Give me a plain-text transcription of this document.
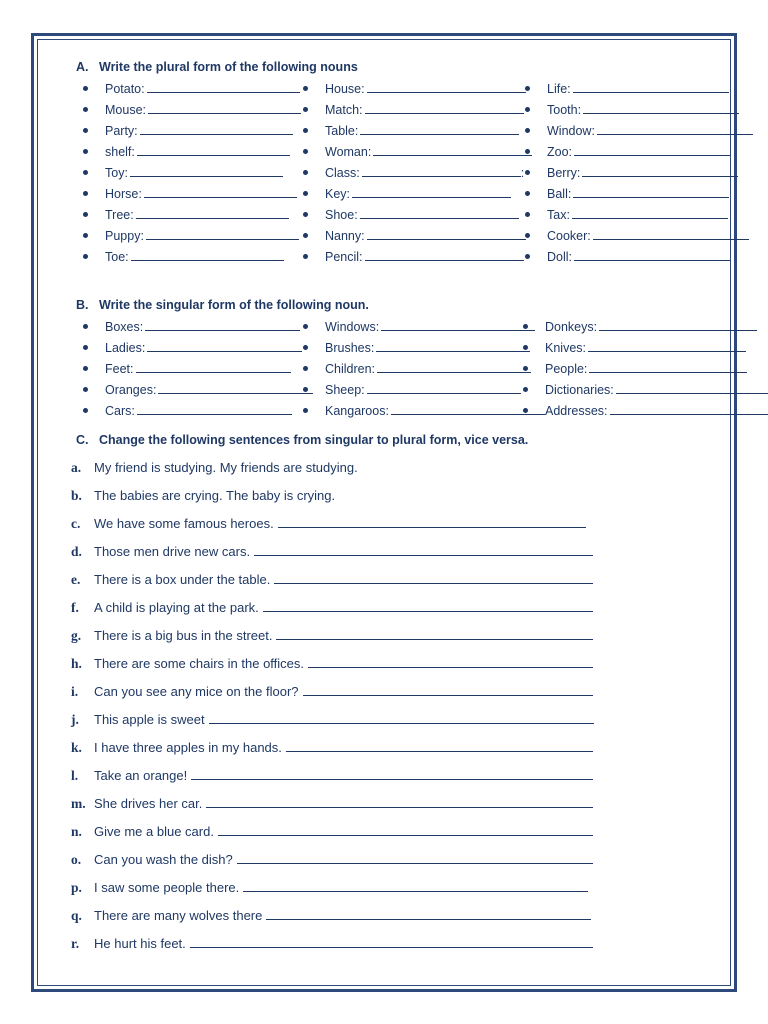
A. Write the plural form of the following nouns
Potato:
Mouse:
Party:
shelf:
Toy:
Horse:
Tree:
Puppy:
Toe:
House:
Match:
Table:
Woman:
Class:	:
Key:
Shoe:
Nanny:
Pencil:
Life:
Tooth:
Window:
Zoo:
Berry:
Ball:
Tax:
Cooker:
Doll:
B. Write the singular form of the following noun.
Boxes:
Ladies:
Feet:
Oranges:
Cars:
Windows:
Brushes:
Children:
Sheep:
Kangaroos:
Donkeys:
Knives:
People:
Dictionaries:
Addresses:
C. Change the following sentences from singular to plural form, vice versa.
a. My friend is studying. My friends are studying.
b. The babies are crying. The baby is crying.
c. We have some famous heroes.
d. Those men drive new cars.
e. There is a box under the table.
f. A child is playing at the park.
g. There is a big bus in the street.
h. There are some chairs in the offices.
i. Can you see any mice on the floor?
j. This apple is sweet
k. I have three apples in my hands.
l. Take an orange!
m. She drives her car.
n. Give me a blue card.
o. Can you wash the dish?
p. I saw some people there.
q. There are many wolves there
r. He hurt his feet.
